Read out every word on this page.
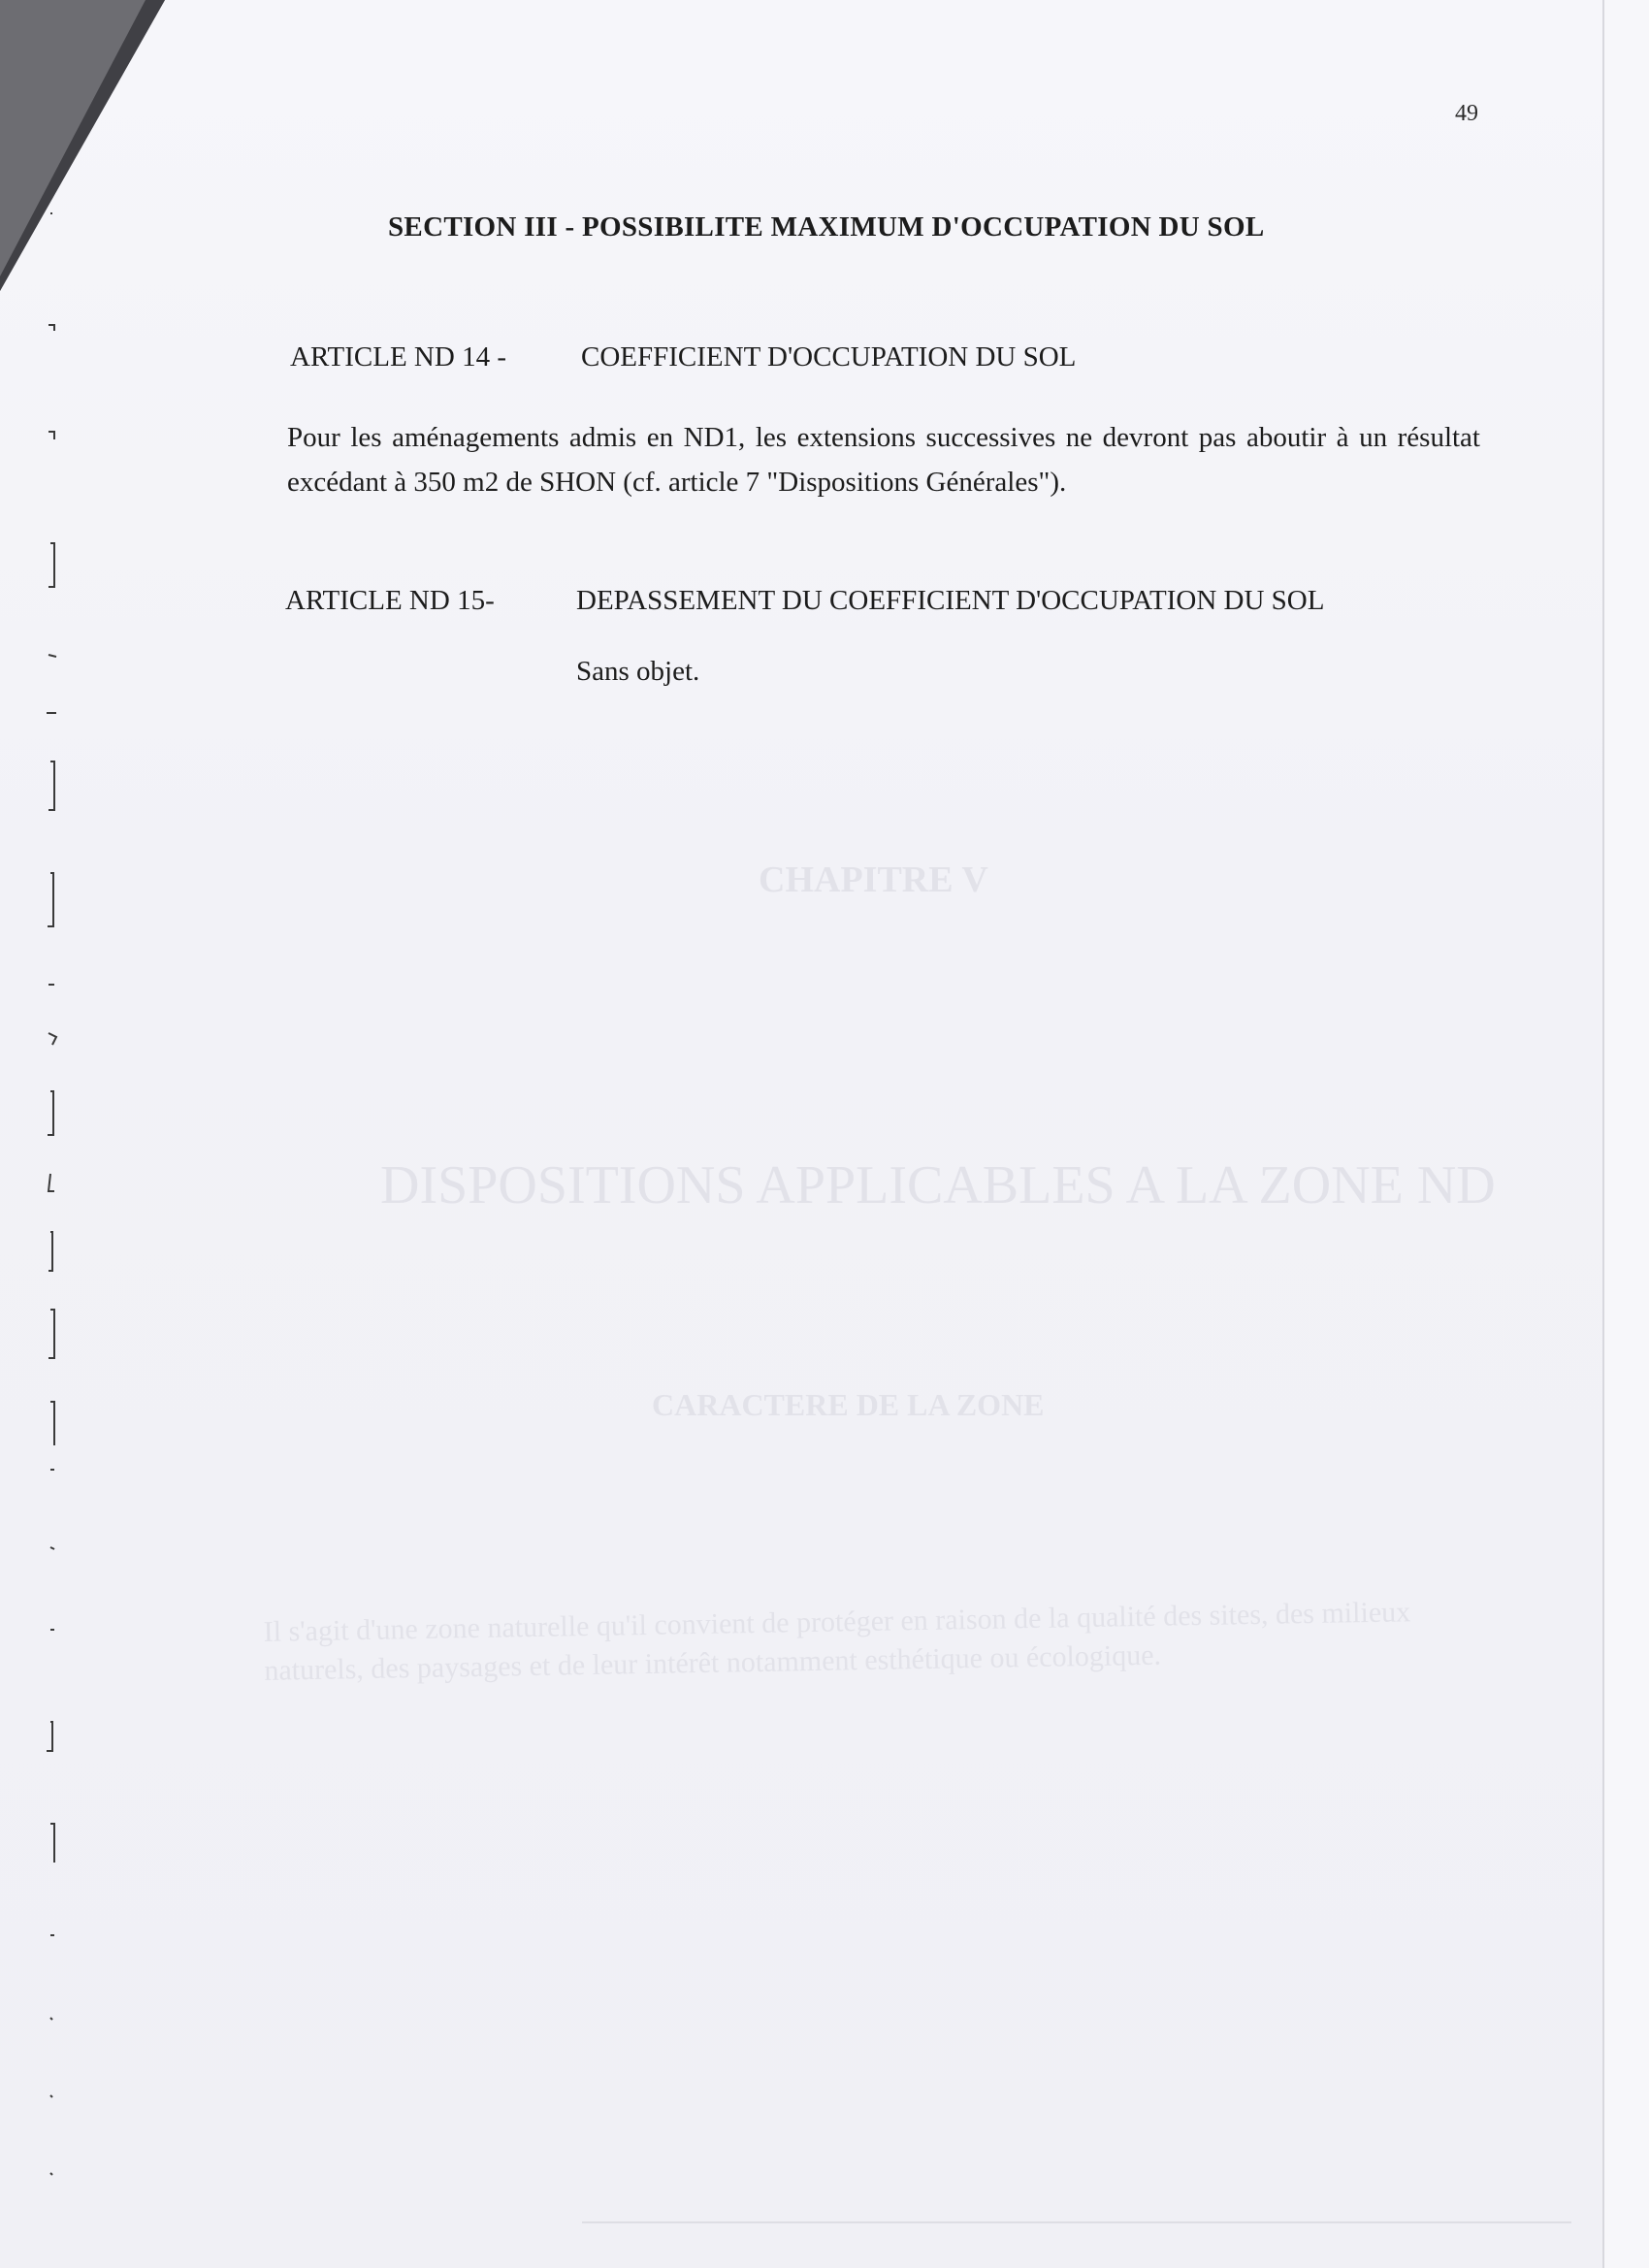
49
SECTION III - POSSIBILITE MAXIMUM D'OCCUPATION DU SOL
ARTICLE ND 14 -	COEFFICIENT D'OCCUPATION DU SOL
Pour les aménagements admis en ND1, les extensions successives ne devront pas aboutir à un résultat excédant à 350 m2 de SHON (cf. article 7 "Dispositions Générales").
ARTICLE ND 15-	DEPASSEMENT DU COEFFICIENT D'OCCUPATION DU SOL
Sans objet.
CHAPITRE V
DISPOSITIONS APPLICABLES A LA ZONE ND
CARACTERE DE LA ZONE
Il s'agit d'une zone naturelle qu'il convient de protéger en raison de la qualité des sites, des milieux naturels, des paysages et de leur intérêt notamment esthétique ou écologique.
